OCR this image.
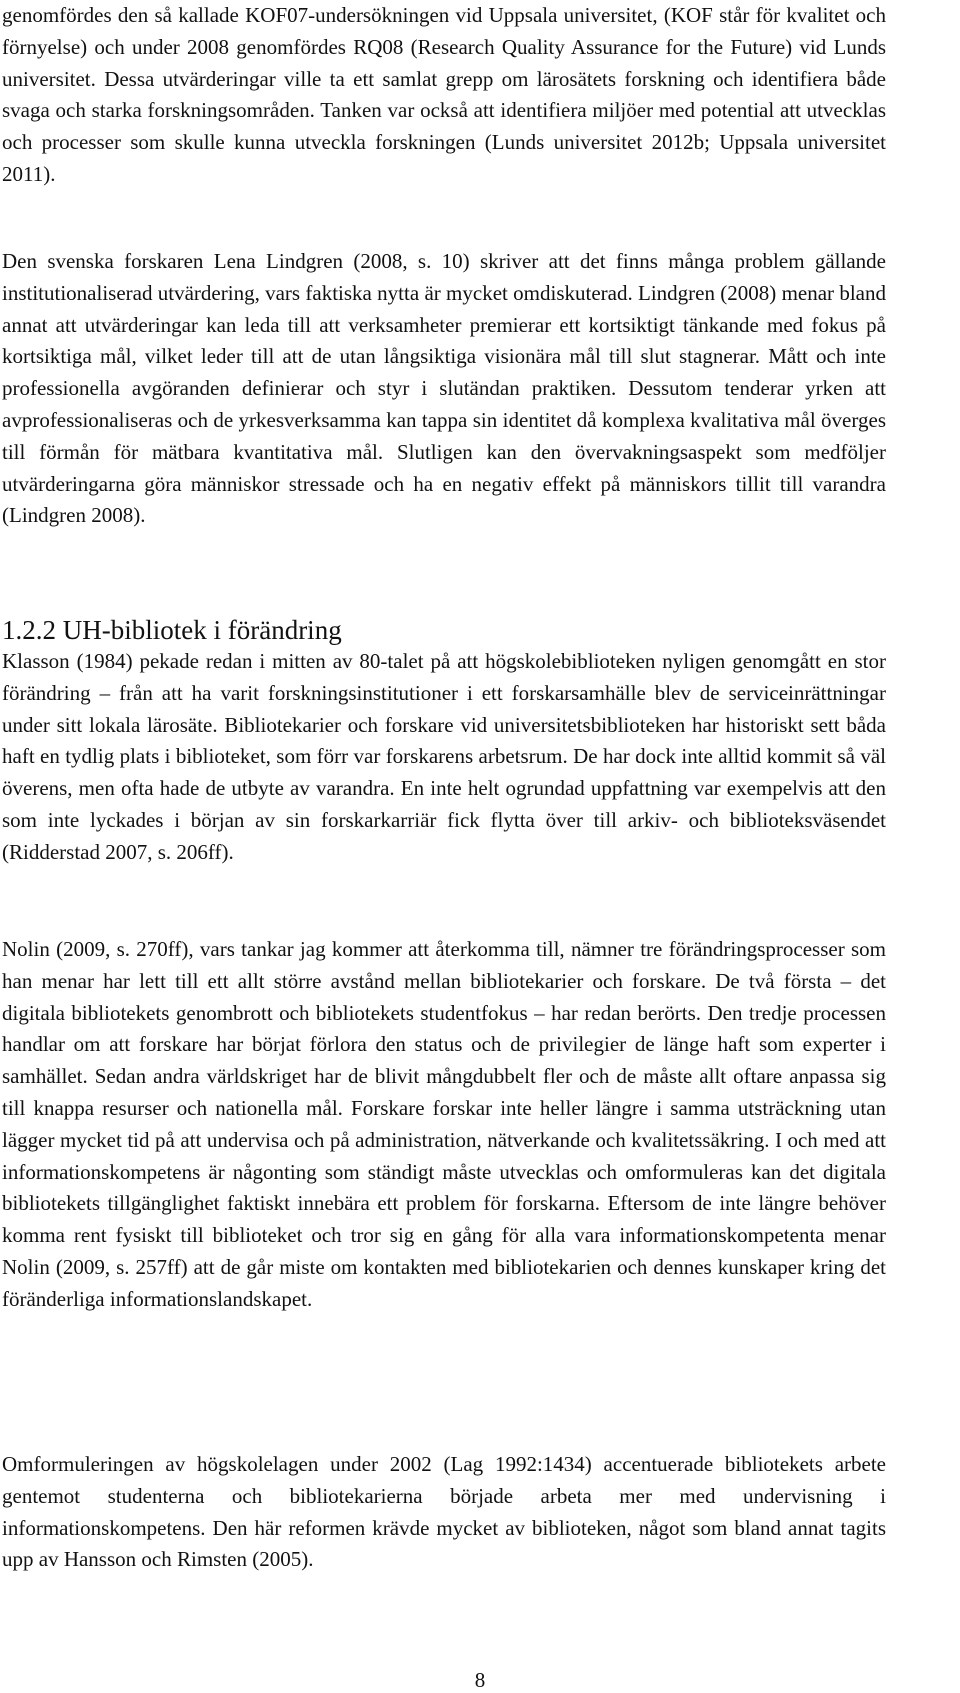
genomfördes den så kallade KOF07-undersökningen vid Uppsala universitet, (KOF står för kvalitet och förnyelse) och under 2008 genomfördes RQ08 (Research Quality Assurance for the Future) vid Lunds universitet. Dessa utvärderingar ville ta ett samlat grepp om lärosätets forskning och identifiera både svaga och starka forskningsområden. Tanken var också att identifiera miljöer med potential att utvecklas och processer som skulle kunna utveckla forskningen (Lunds universitet 2012b; Uppsala universitet 2011).

Den svenska forskaren Lena Lindgren (2008, s. 10) skriver att det finns många problem gällande institutionaliserad utvärdering, vars faktiska nytta är mycket omdiskuterad. Lindgren (2008) menar bland annat att utvärderingar kan leda till att verksamheter premierar ett kortsiktigt tänkande med fokus på kortsiktiga mål, vilket leder till att de utan långsiktiga visionära mål till slut stagnerar. Mått och inte professionella avgöranden definierar och styr i slutändan praktiken. Dessutom tenderar yrken att avprofessionaliseras och de yrkesverksamma kan tappa sin identitet då komplexa kvalitativa mål överges till förmån för mätbara kvantitativa mål. Slutligen kan den övervakningsaspekt som medföljer utvärderingarna göra människor stressade och ha en negativ effekt på människors tillit till varandra (Lindgren 2008).

1.2.2 UH-bibliotek i förändring

Klasson (1984) pekade redan i mitten av 80-talet på att högskolebiblioteken nyligen genomgått en stor förändring – från att ha varit forskningsinstitutioner i ett forskarsamhälle blev de serviceinrättningar under sitt lokala lärosäte. Bibliotekarier och forskare vid universitetsbiblioteken har historiskt sett båda haft en tydlig plats i biblioteket, som förr var forskarens arbetsrum. De har dock inte alltid kommit så väl överens, men ofta hade de utbyte av varandra. En inte helt ogrundad uppfattning var exempelvis att den som inte lyckades i början av sin forskarkarriär fick flytta över till arkiv- och biblioteksväsendet (Ridderstad 2007, s. 206ff).

Nolin (2009, s. 270ff), vars tankar jag kommer att återkomma till, nämner tre förändringsprocesser som han menar har lett till ett allt större avstånd mellan bibliotekarier och forskare. De två första – det digitala bibliotekets genombrott och bibliotekets studentfokus – har redan berörts. Den tredje processen handlar om att forskare har börjat förlora den status och de privilegier de länge haft som experter i samhället. Sedan andra världskriget har de blivit mångdubbelt fler och de måste allt oftare anpassa sig till knappa resurser och nationella mål. Forskare forskar inte heller längre i samma utsträckning utan lägger mycket tid på att undervisa och på administration, nätverkande och kvalitetssäkring. I och med att informationskompetens är någonting som ständigt måste utvecklas och omformuleras kan det digitala bibliotekets tillgänglighet faktiskt innebära ett problem för forskarna. Eftersom de inte längre behöver komma rent fysiskt till biblioteket och tror sig en gång för alla vara informationskompetenta menar Nolin (2009, s. 257ff) att de går miste om kontakten med bibliotekarien och dennes kunskaper kring det föränderliga informationslandskapet.

Omformuleringen av högskolelagen under 2002 (Lag 1992:1434) accentuerade bibliotekets arbete gentemot studenterna och bibliotekarierna började arbeta mer med undervisning i informationskompetens. Den här reformen krävde mycket av biblioteken, något som bland annat tagits upp av Hansson och Rimsten (2005).

8
